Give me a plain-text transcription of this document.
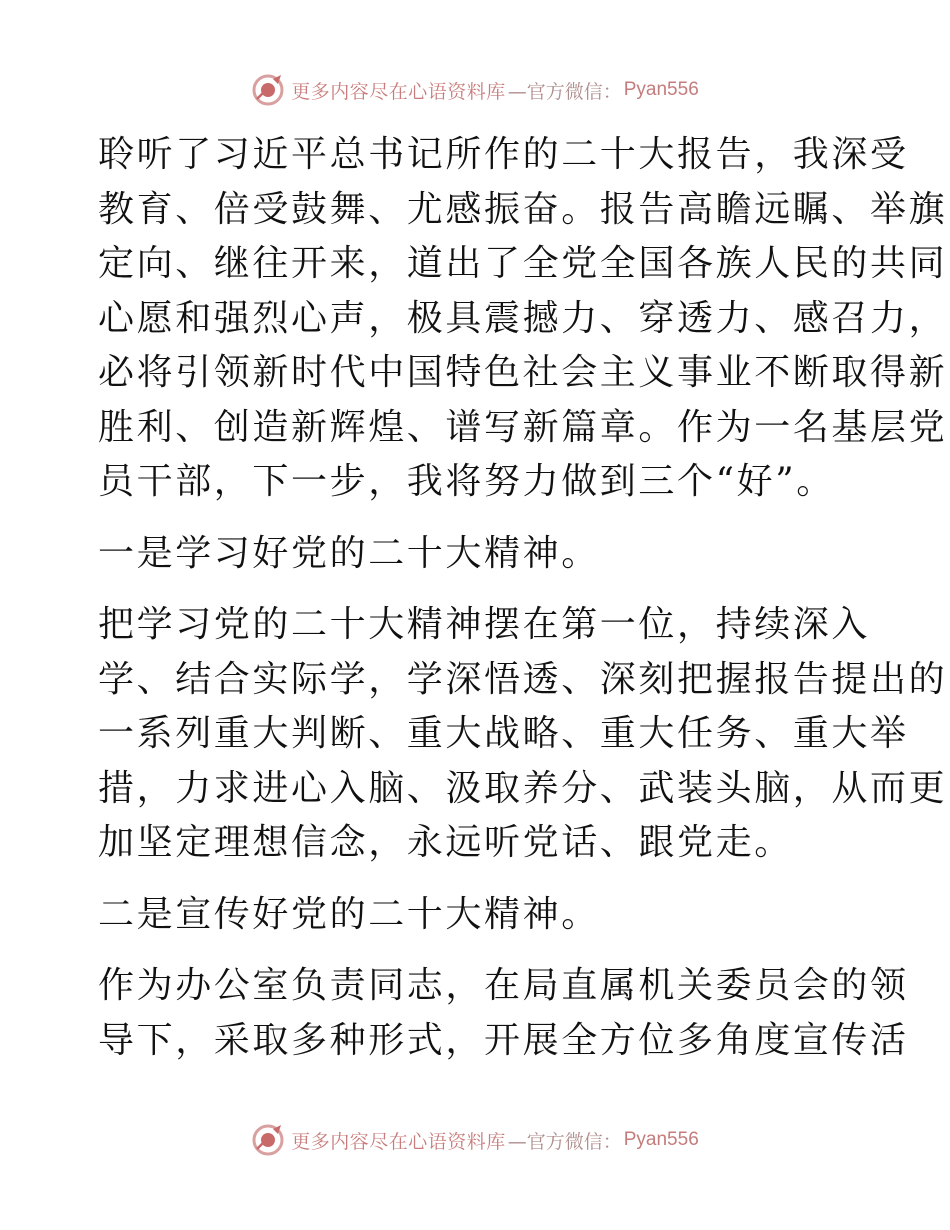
更多内容尽在心语资料库 —官方微信： Pyan556

聆听了习近平总书记所作的二十大报告，我深受
教育、倍受鼓舞、尤感振奋。报告高瞻远瞩、举旗
定向、继往开来，道出了全党全国各族人民的共同
心愿和强烈心声，极具震撼力、穿透力、感召力，
必将引领新时代中国特色社会主义事业不断取得新
胜利、创造新辉煌、谱写新篇章。作为一名基层党
员干部，下一步，我将努力做到三个“好”。

一是学习好党的二十大精神。

把学习党的二十大精神摆在第一位，持续深入
学、结合实际学，学深悟透、深刻把握报告提出的
一系列重大判断、重大战略、重大任务、重大举
措，力求进心入脑、汲取养分、武装头脑，从而更
加坚定理想信念，永远听党话、跟党走。

二是宣传好党的二十大精神。

作为办公室负责同志，在局直属机关委员会的领
导下，采取多种形式，开展全方位多角度宣传活

更多内容尽在心语资料库 —官方微信： Pyan556
